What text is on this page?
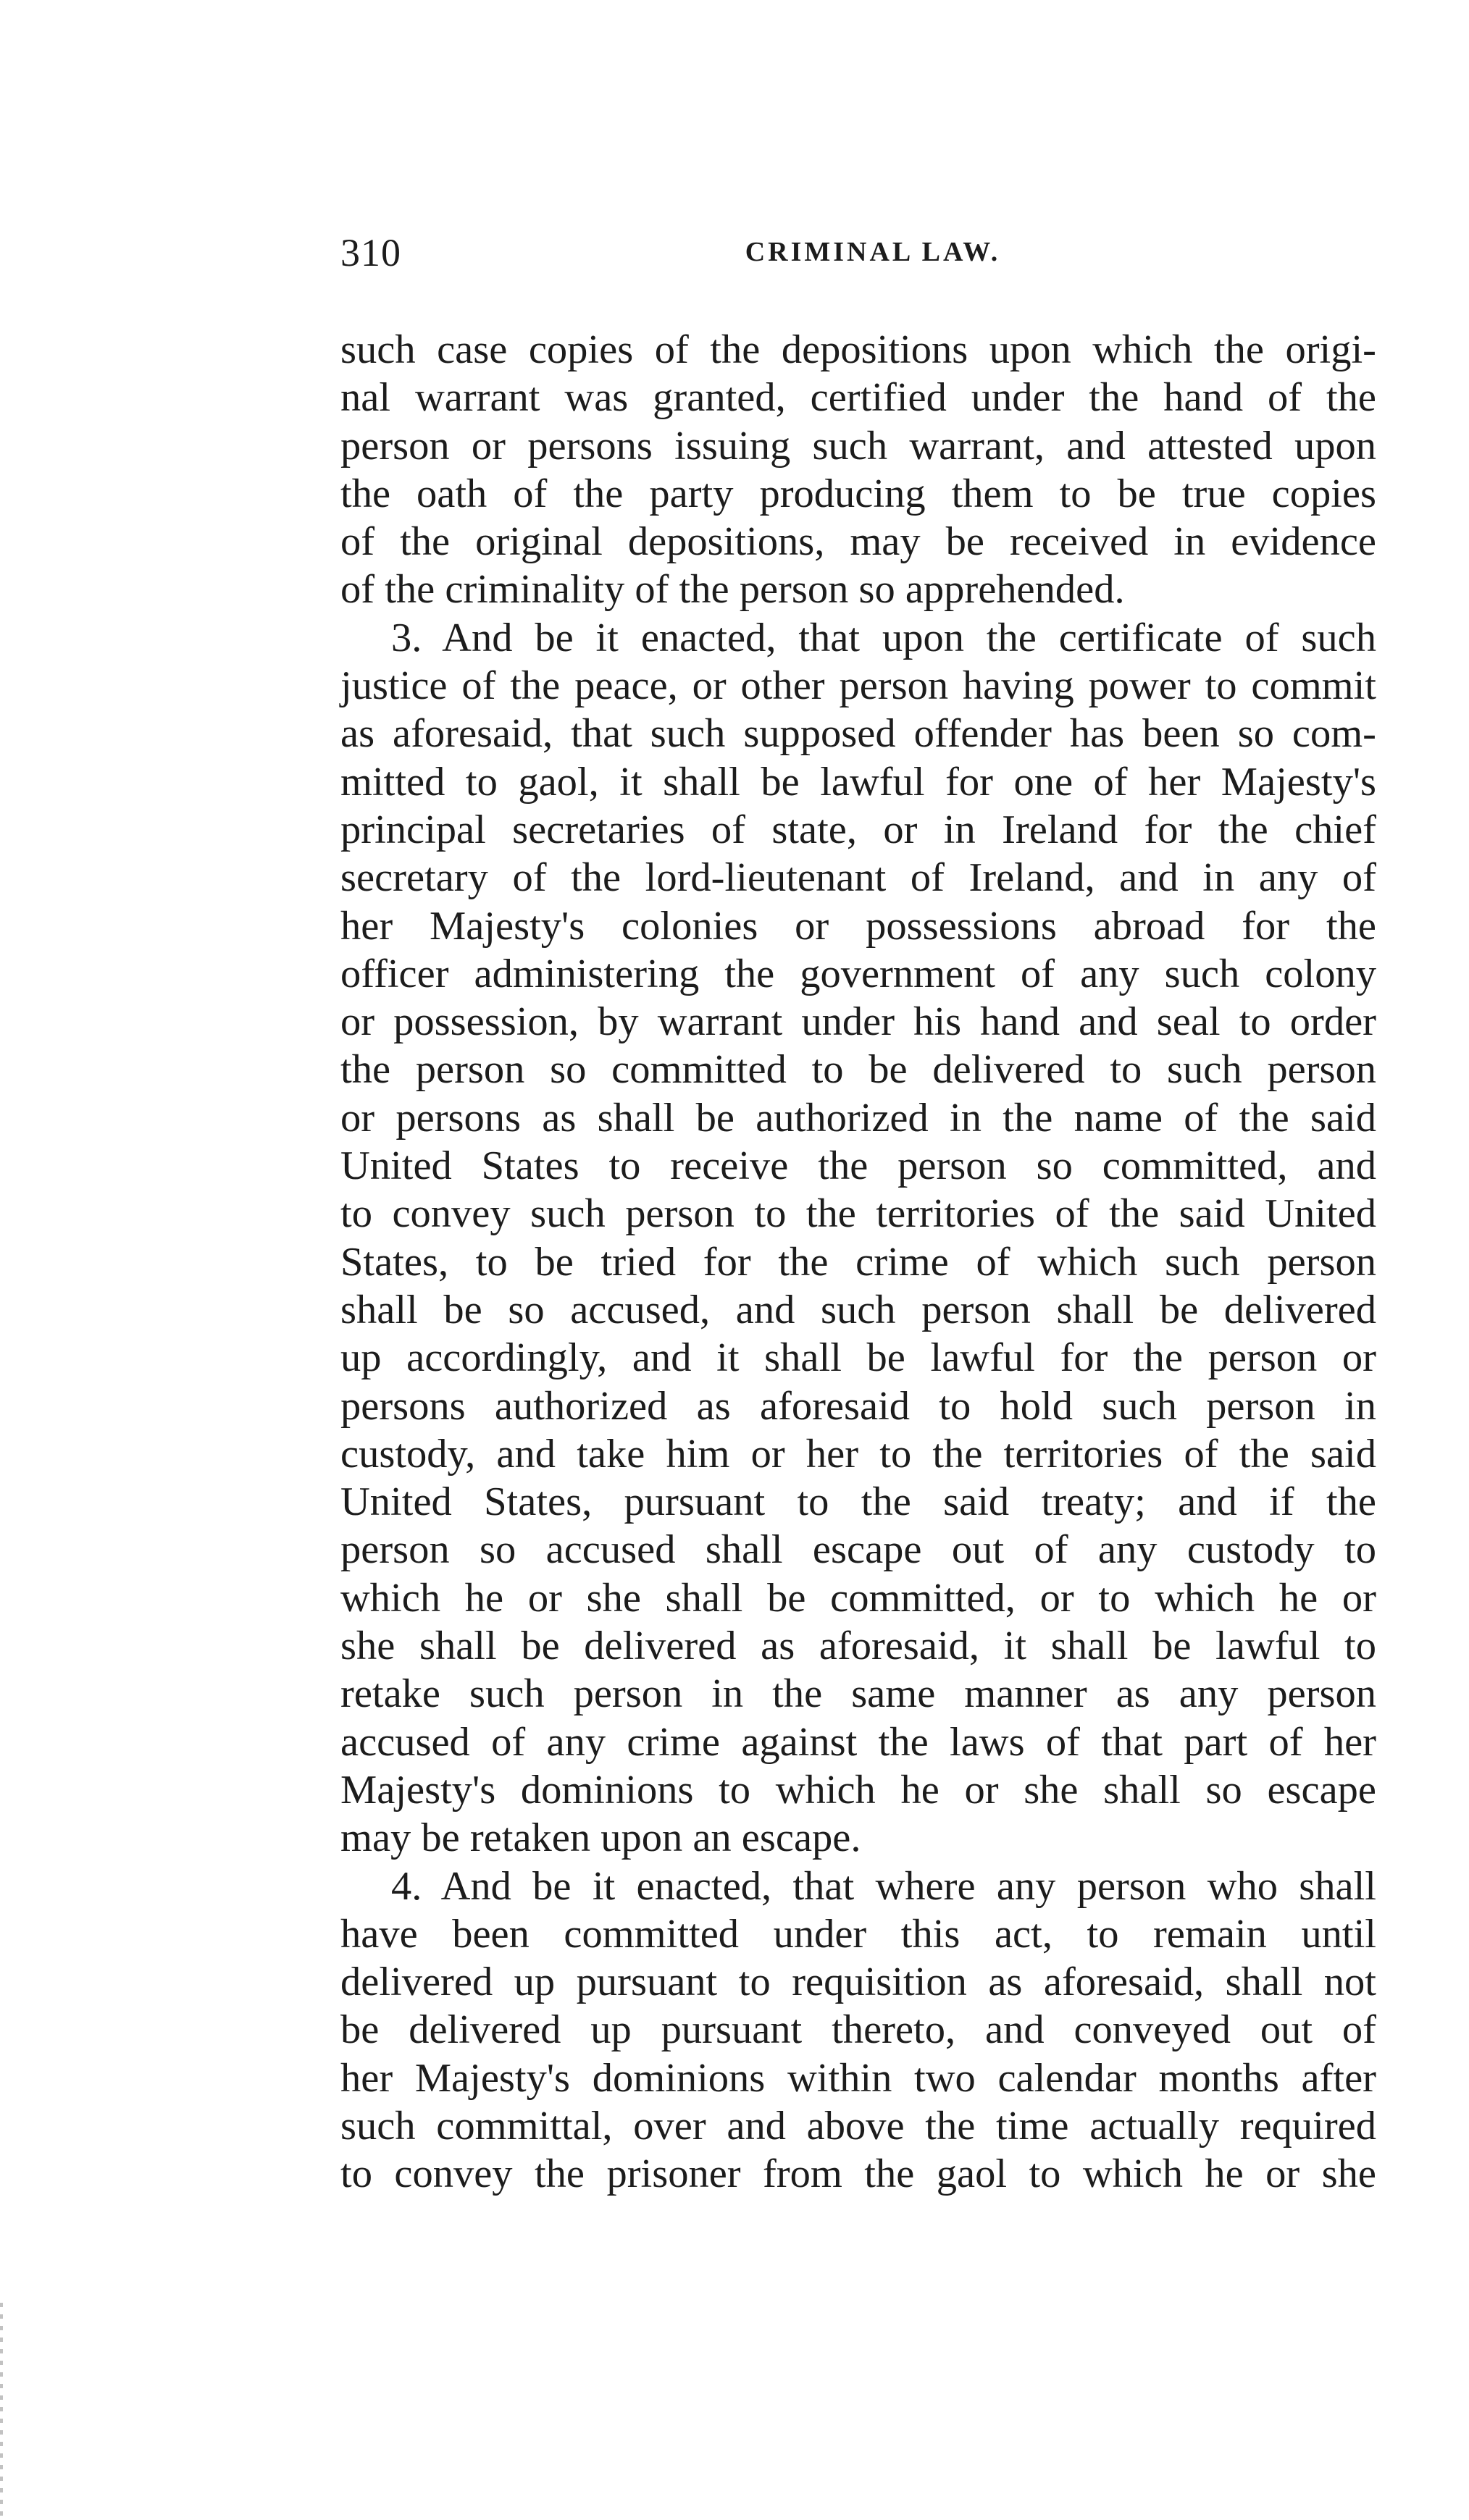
310	CRIMINAL LAW.
such case copies of the depositions upon which the origi-
nal warrant was granted, certified under the hand of the
person or persons issuing such warrant, and attested upon
the oath of the party producing them to be true copies
of the original depositions, may be received in evidence
of the criminality of the person so apprehended.
3. And be it enacted, that upon the certificate of such
justice of the peace, or other person having power to commit
as aforesaid, that such supposed offender has been so com-
mitted to gaol, it shall be lawful for one of her Majesty's
principal secretaries of state, or in Ireland for the chief
secretary of the lord-lieutenant of Ireland, and in any of
her Majesty's colonies or possessions abroad for the
officer administering the government of any such colony
or possession, by warrant under his hand and seal to order
the person so committed to be delivered to such person
or persons as shall be authorized in the name of the said
United States to receive the person so committed, and
to convey such person to the territories of the said United
States, to be tried for the crime of which such person
shall be so accused, and such person shall be delivered
up accordingly, and it shall be lawful for the person or
persons authorized as aforesaid to hold such person in
custody, and take him or her to the territories of the said
United States, pursuant to the said treaty; and if the
person so accused shall escape out of any custody to
which he or she shall be committed, or to which he or
she shall be delivered as aforesaid, it shall be lawful to
retake such person in the same manner as any person
accused of any crime against the laws of that part of her
Majesty's dominions to which he or she shall so escape
may be retaken upon an escape.
4. And be it enacted, that where any person who shall
have been committed under this act, to remain until
delivered up pursuant to requisition as aforesaid, shall not
be delivered up pursuant thereto, and conveyed out of
her Majesty's dominions within two calendar months after
such committal, over and above the time actually required
to convey the prisoner from the gaol to which he or she
